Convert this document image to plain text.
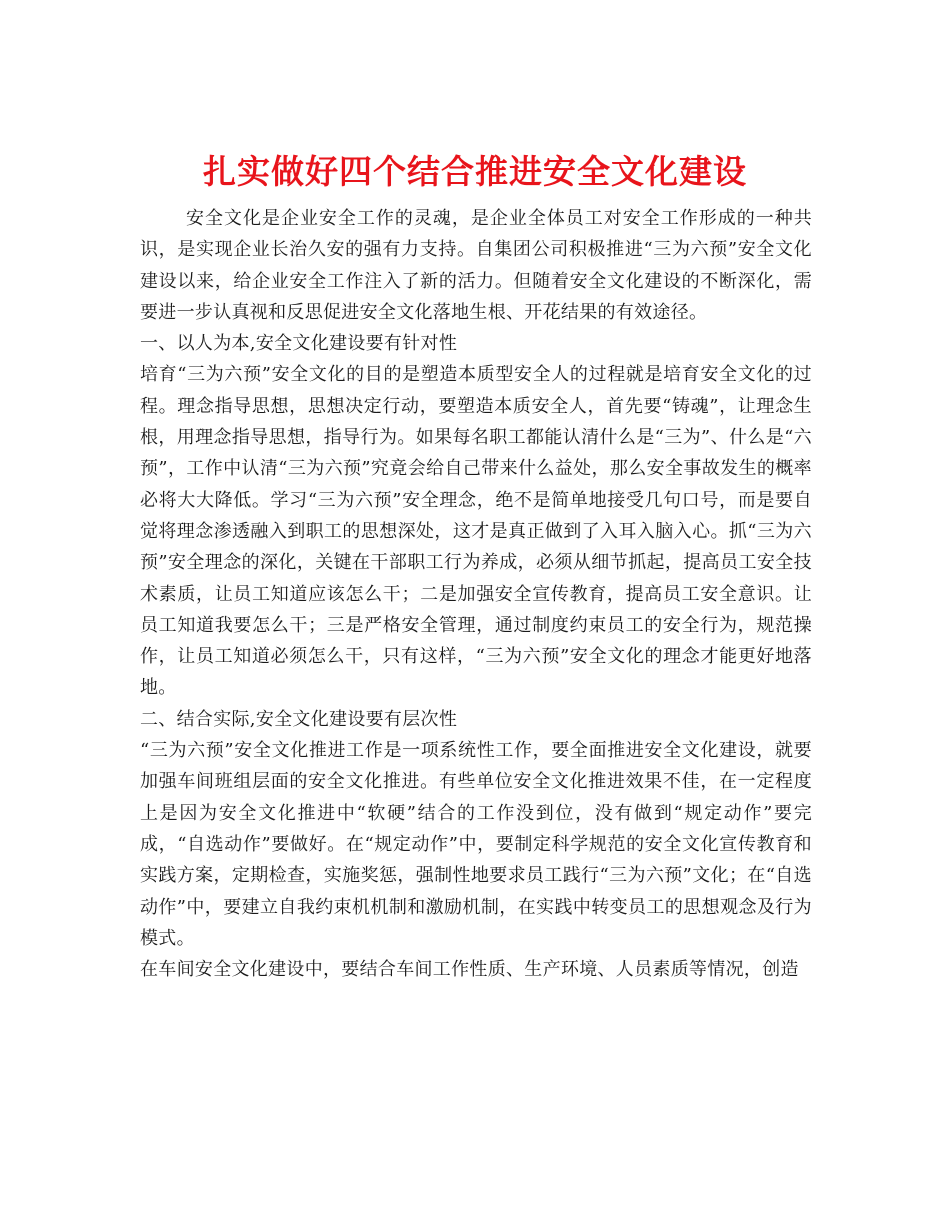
扎实做好四个结合推进安全文化建设

安全文化是企业安全工作的灵魂，是企业全体员工对安全工作形成的一种共识，是实现企业长治久安的强有力支持。自集团公司积极推进“三为六预”安全文化建设以来，给企业安全工作注入了新的活力。但随着安全文化建设的不断深化，需要进一步认真视和反思促进安全文化落地生根、开花结果的有效途径。

一、以人为本,安全文化建设要有针对性

培育“三为六预”安全文化的目的是塑造本质型安全人的过程就是培育安全文化的过程。理念指导思想，思想决定行动，要塑造本质安全人，首先要“铸魂”，让理念生根，用理念指导思想，指导行为。如果每名职工都能认清什么是“三为”、什么是“六预”，工作中认清“三为六预”究竟会给自己带来什么益处，那么安全事故发生的概率必将大大降低。学习“三为六预”安全理念，绝不是简单地接受几句口号，而是要自觉将理念渗透融入到职工的思想深处，这才是真正做到了入耳入脑入心。抓“三为六预”安全理念的深化，关键在干部职工行为养成，必须从细节抓起，提高员工安全技术素质，让员工知道应该怎么干；二是加强安全宣传教育，提高员工安全意识。让员工知道我要怎么干；三是严格安全管理，通过制度约束员工的安全行为，规范操作，让员工知道必须怎么干，只有这样，“三为六预”安全文化的理念才能更好地落地。

二、结合实际,安全文化建设要有层次性

“三为六预”安全文化推进工作是一项系统性工作，要全面推进安全文化建设，就要加强车间班组层面的安全文化推进。有些单位安全文化推进效果不佳，在一定程度上是因为安全文化推进中“软硬”结合的工作没到位，没有做到“规定动作”要完成，“自选动作”要做好。在“规定动作”中，要制定科学规范的安全文化宣传教育和实践方案，定期检查，实施奖惩，强制性地要求员工践行“三为六预”文化；在“自选动作”中，要建立自我约束机机制和激励机制，在实践中转变员工的思想观念及行为模式。

在车间安全文化建设中，要结合车间工作性质、生产环境、人员素质等情况，创造
